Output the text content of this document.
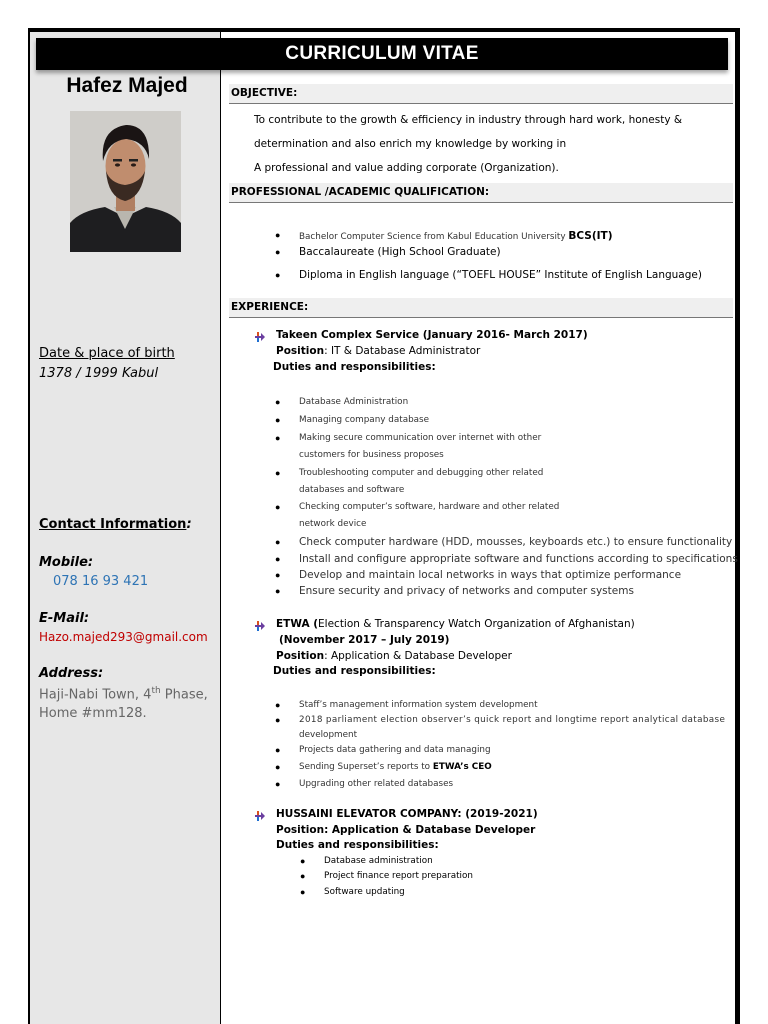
CURRICULUM VITAE
Hafez Majed
Date & place of birth
1378 / 1999 Kabul
Contact Information:
Mobile:
078 16 93 421
E-Mail:
Hazo.majed293@gmail.com
Address:
Haji-Nabi Town, 4th Phase,
Home #mm128.
OBJECTIVE:
To contribute to the growth & efficiency in industry through hard work, honesty &
determination and also enrich my knowledge by working in
A professional and value adding corporate (Organization).
PROFESSIONAL /ACADEMIC QUALIFICATION:
● Bachelor Computer Science from Kabul Education University BCS(IT)
● Baccalaureate (High School Graduate)
● Diploma in English language (“TOEFL HOUSE” Institute of English Language)
EXPERIENCE:
Takeen Complex Service (January 2016- March 2017)
Position: IT & Database Administrator
Duties and responsibilities:
● Database Administration
● Managing company database
● Making secure communication over internet with other
customers for business proposes
● Troubleshooting computer and debugging other related
databases and software
● Checking computer’s software, hardware and other related
network device
● Check computer hardware (HDD, mousses, keyboards etc.) to ensure functionality
● Install and configure appropriate software and functions according to specifications
● Develop and maintain local networks in ways that optimize performance
● Ensure security and privacy of networks and computer systems
ETWA (Election & Transparency Watch Organization of Afghanistan)
(November 2017 – July 2019)
Position: Application & Database Developer
Duties and responsibilities:
● Staff’s management information system development
● 2018 parliament election observer’s quick report and longtime report analytical database
development
● Projects data gathering and data managing
● Sending Superset’s reports to ETWA’s CEO
● Upgrading other related databases
HUSSAINI ELEVATOR COMPANY: (2019-2021)
Position: Application & Database Developer
Duties and responsibilities:
● Database administration
● Project finance report preparation
● Software updating
